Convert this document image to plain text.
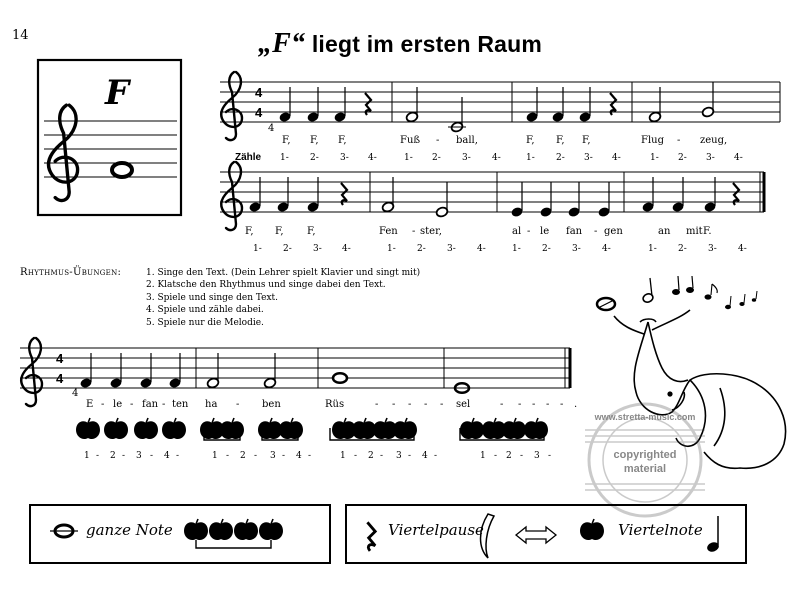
14	„F“ liegt im ersten Raum
4
4
4
4
copyrighted
material
www.stretta-music.com
F
4
F, F, F,	Fuß - ball,	F, F, F,	Flug - zeug,
Zähle 1- 2- 3- 4-	1- 2- 3- 4-	1- 2- 3- 4-	1- 2- 3- 4-
F, F, F,	Fen - ster,	al - le fan - gen	an mit F.
1- 2- 3- 4-	1- 2- 3- 4-	1- 2- 3- 4-	1- 2- 3- 4-
4
E - le - fan - ten ha - ben	Rüs	- - - - - sel	- - - - - .
1 - 2 - 3 - 4 -	1 - 2 - 3 - 4 -	1 - 2 - 3 - 4 -	1 - 2 - 3 -
Rhythmus-Übungen:	1. Singe den Text. (Dein Lehrer spielt Klavier und singt mit)
2. Klatsche den Rhythmus und singe dabei den Text.
3. Spiele und singe den Text.
4. Spiele und zähle dabei.
5. Spiele nur die Melodie.
ganze Note	Viertelpause	Viertelnote
